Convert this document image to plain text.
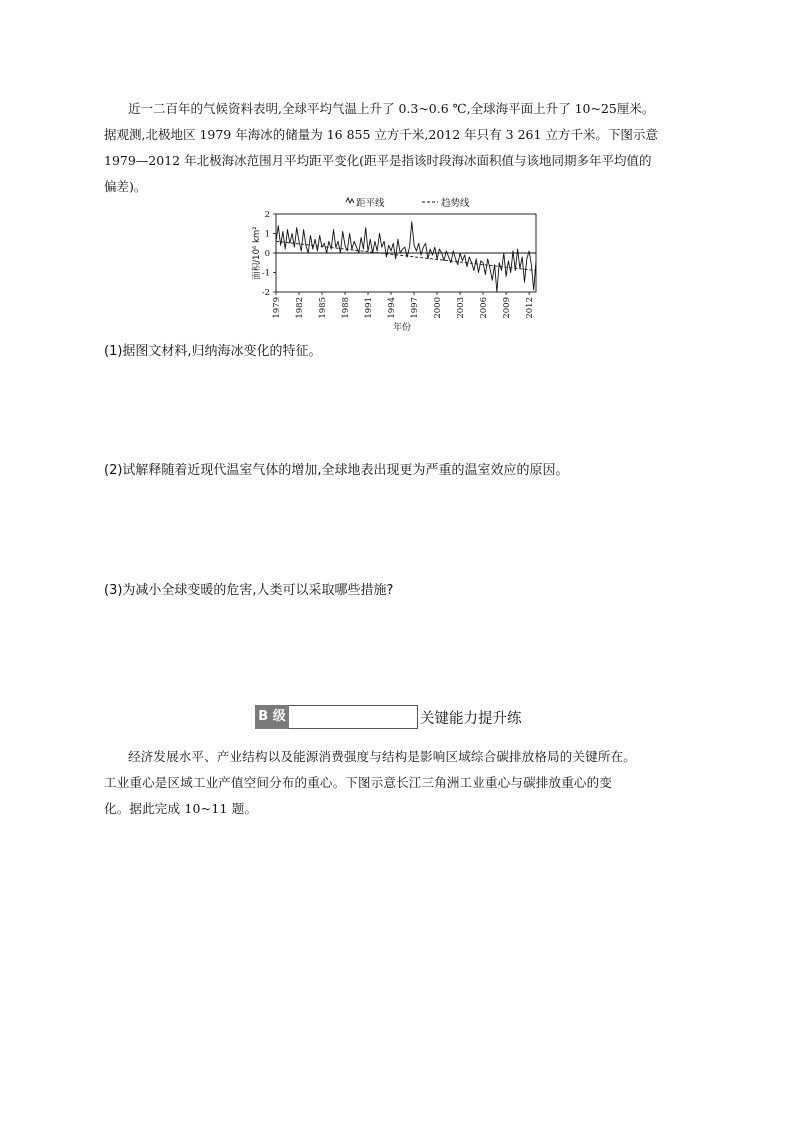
近一二百年的气候资料表明,全球平均气温上升了 0.3~0.6 ℃,全球海平面上升了 10~25厘米。
据观测,北极地区 1979 年海冰的储量为 16 855 立方千米,2012 年只有 3 261 立方千米。下图示意
1979—2012 年北极海冰范围月平均距平变化(距平是指该时段海冰面积值与该地同期多年平均值的
偏差)。
距平线	趋势线
2
1
0
-1
-2
面积/10⁶ km²
1979 1982 1985 1988 1991 1994 1997 2000 2003 2006 2009 2012
年份
(1)据图文材料,归纳海冰变化的特征。
(2)试解释随着近现代温室气体的增加,全球地表出现更为严重的温室效应的原因。
(3)为减小全球变暖的危害,人类可以采取哪些措施?
B 级	关键能力提升练
经济发展水平、产业结构以及能源消费强度与结构是影响区域综合碳排放格局的关键所在。
工业重心是区域工业产值空间分布的重心。下图示意长江三角洲工业重心与碳排放重心的变
化。据此完成 10~11 题。
